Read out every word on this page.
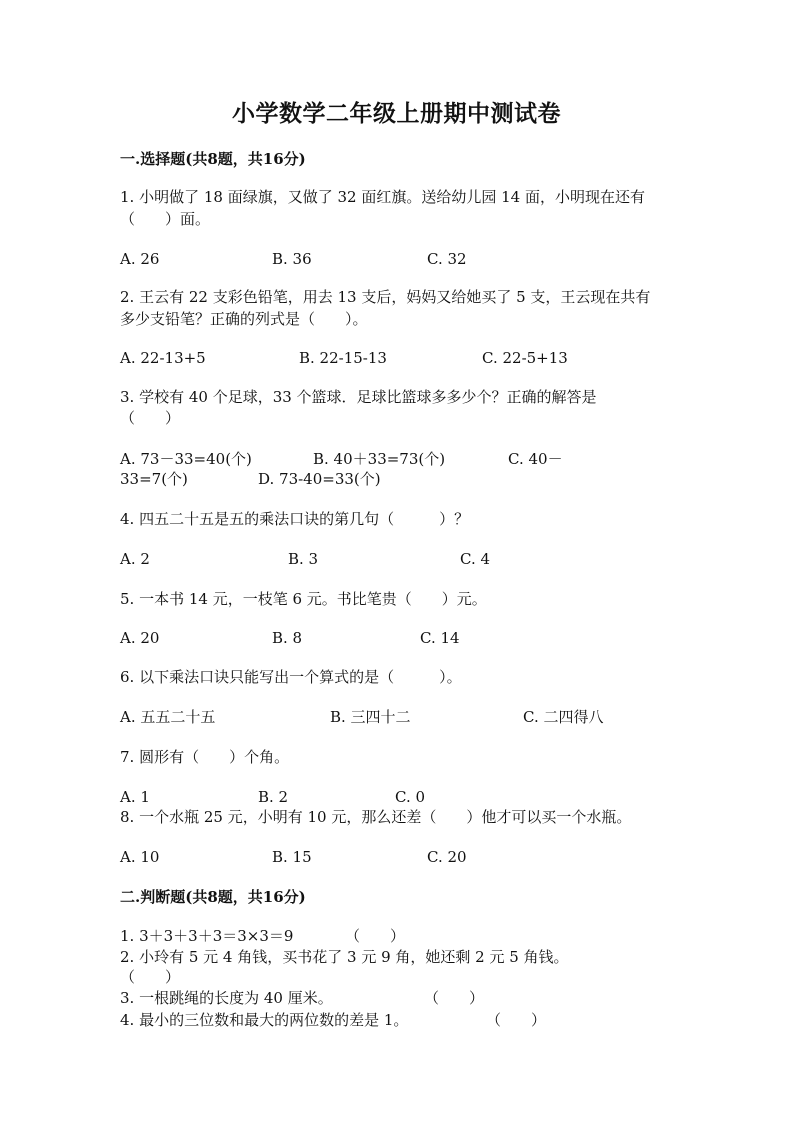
小学数学二年级上册期中测试卷
一.选择题(共8题，共16分)
1. 小明做了 18 面绿旗，又做了 32 面红旗。送给幼儿园 14 面，小明现在还有
（　　）面。
A. 26	B. 36	C. 32
2. 王云有 22 支彩色铅笔，用去 13 支后，妈妈又给她买了 5 支，王云现在共有
多少支铅笔？正确的列式是（　　）。
A. 22-13+5	B. 22-15-13	C. 22-5+13
3. 学校有 40 个足球，33 个篮球．足球比篮球多多少个？正确的解答是
（　　）
A. 73－33=40(个)	B. 40＋33=73(个)	C. 40－
33=7(个)	D. 73-40=33(个)
4. 四五二十五是五的乘法口诀的第几句（　　　）？
A. 2	B. 3	C. 4
5. 一本书 14 元，一枝笔 6 元。书比笔贵（　　）元。
A. 20	B. 8	C. 14
6. 以下乘法口诀只能写出一个算式的是（　　　）。
A. 五五二十五	B. 三四十二	C. 二四得八
7. 圆形有（　　）个角。
A. 1	B. 2	C. 0
8. 一个水瓶 25 元，小明有 10 元，那么还差（　　）他才可以买一个水瓶。
A. 10	B. 15	C. 20
二.判断题(共8题，共16分)
1. 3＋3＋3＋3＝3×3＝9	（　　）
2. 小玲有 5 元 4 角钱，买书花了 3 元 9 角，她还剩 2 元 5 角钱。
（　　）
3. 一根跳绳的长度为 40 厘米。	（　　）
4. 最小的三位数和最大的两位数的差是 1。	（　　）
